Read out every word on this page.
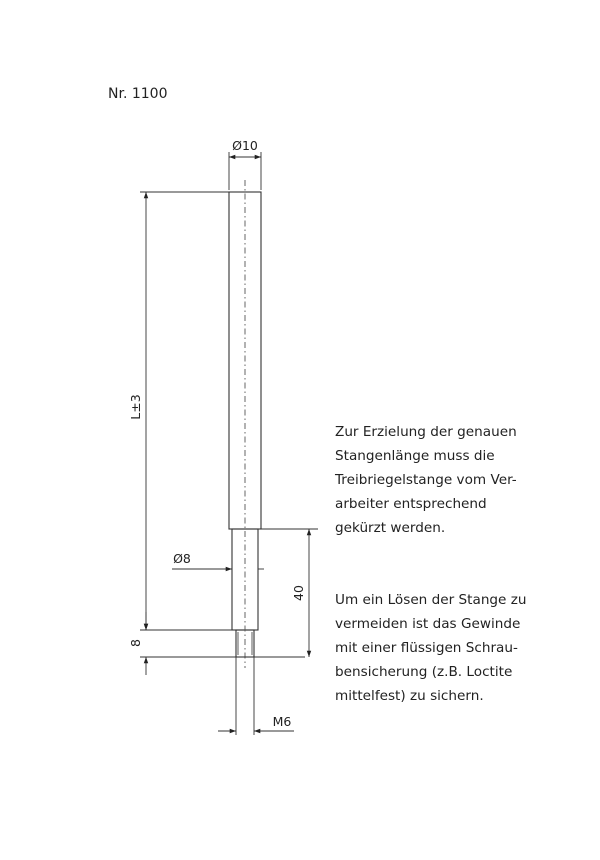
Nr. 1100
Ø10
L±3
8
Ø8
40
M6
Zur Erzielung der genauen
Stangenlänge muss die
Treibriegelstange vom Ver-
arbeiter entsprechend
gekürzt werden.
Um ein Lösen der Stange zu
vermeiden ist das Gewinde
mit einer flüssigen Schrau-
bensicherung (z.B. Loctite
mittelfest) zu sichern.
